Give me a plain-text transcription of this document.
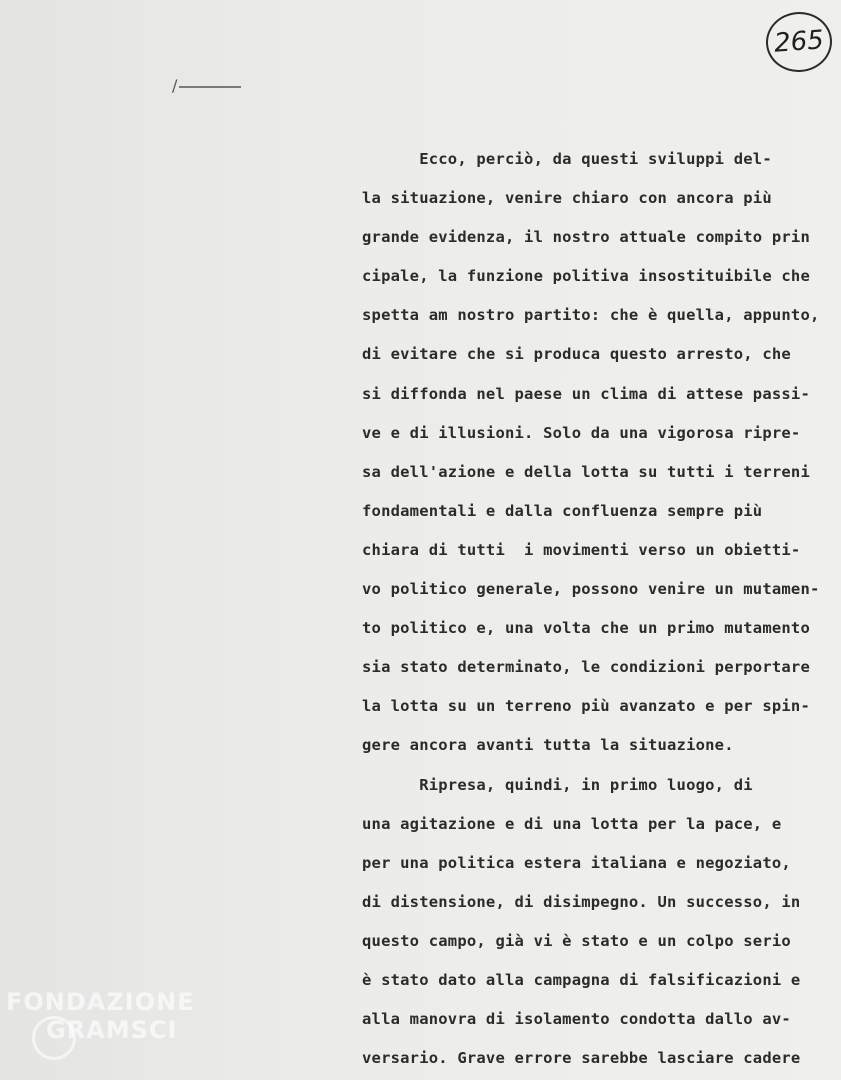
265
/
Ecco, perciò, da questi sviluppi del-
la situazione, venire chiaro con ancora più
grande evidenza, il nostro attuale compito prin
cipale, la funzione politiva insostituibile che
spetta am nostro partito: che è quella, appunto,
di evitare che si produca questo arresto, che
si diffonda nel paese un clima di attese passi-
ve e di illusioni. Solo da una vigorosa ripre-
sa dell'azione e della lotta su tutti i terreni
fondamentali e dalla confluenza sempre più
chiara di tutti  i movimenti verso un obietti-
vo politico generale, possono venire un mutamen-
to politico e, una volta che un primo mutamento
sia stato determinato, le condizioni perportare
la lotta su un terreno più avanzato e per spin-
gere ancora avanti tutta la situazione.
Ripresa, quindi, in primo luogo, di
una agitazione e di una lotta per la pace, e
per una politica estera italiana e negoziato,
di distensione, di disimpegno. Un successo, in
questo campo, già vi è stato e un colpo serio
è stato dato alla campagna di falsificazioni e
alla manovra di isolamento condotta dallo av-
versario. Grave errore sarebbe lasciare cadere
FONDAZIONE
GRAMSCI
